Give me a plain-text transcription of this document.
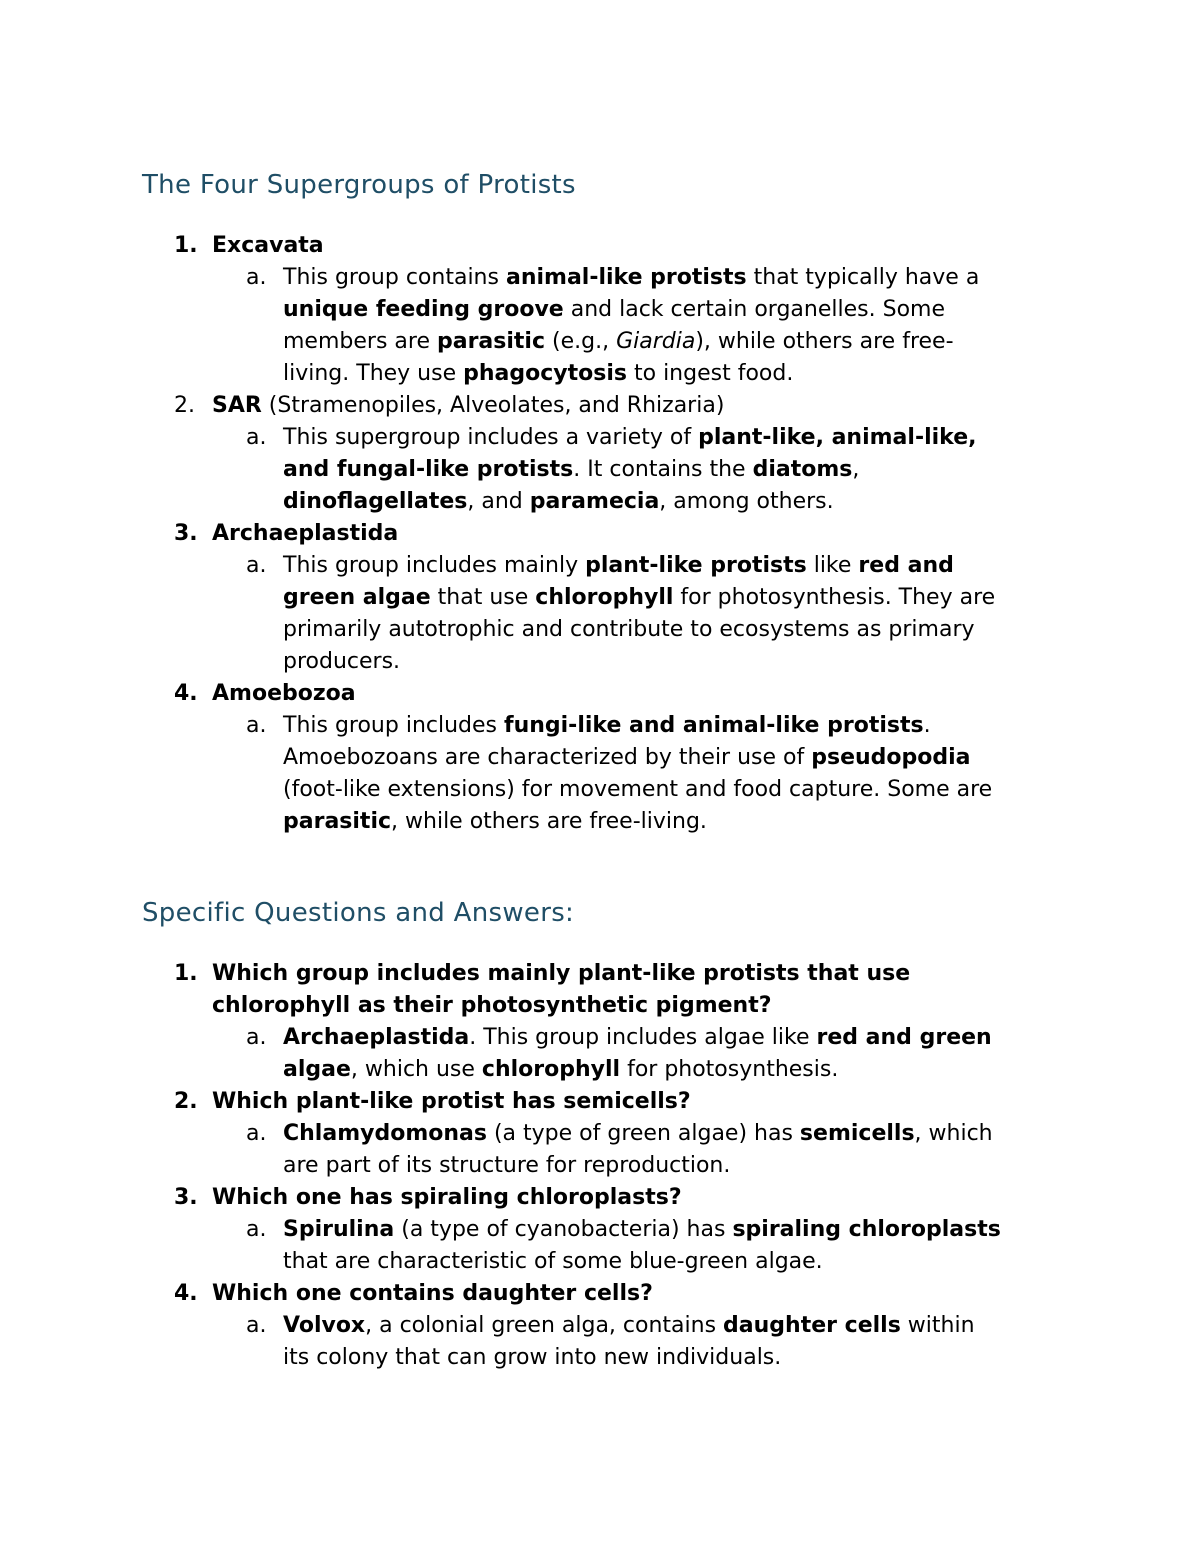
The Four Supergroups of Protists
1. Excavata
a. This group contains animal-like protists that typically have a
unique feeding groove and lack certain organelles. Some
members are parasitic (e.g., Giardia), while others are free-
living. They use phagocytosis to ingest food.
2. SAR (Stramenopiles, Alveolates, and Rhizaria)
a. This supergroup includes a variety of plant-like, animal-like,
and fungal-like protists. It contains the diatoms,
dinoflagellates, and paramecia, among others.
3. Archaeplastida
a. This group includes mainly plant-like protists like red and
green algae that use chlorophyll for photosynthesis. They are
primarily autotrophic and contribute to ecosystems as primary
producers.
4. Amoebozoa
a. This group includes fungi-like and animal-like protists.
Amoebozoans are characterized by their use of pseudopodia
(foot-like extensions) for movement and food capture. Some are
parasitic, while others are free-living.
Specific Questions and Answers:
1. Which group includes mainly plant-like protists that use
chlorophyll as their photosynthetic pigment?
a. Archaeplastida. This group includes algae like red and green
algae, which use chlorophyll for photosynthesis.
2. Which plant-like protist has semicells?
a. Chlamydomonas (a type of green algae) has semicells, which
are part of its structure for reproduction.
3. Which one has spiraling chloroplasts?
a. Spirulina (a type of cyanobacteria) has spiraling chloroplasts
that are characteristic of some blue-green algae.
4. Which one contains daughter cells?
a. Volvox, a colonial green alga, contains daughter cells within
its colony that can grow into new individuals.
